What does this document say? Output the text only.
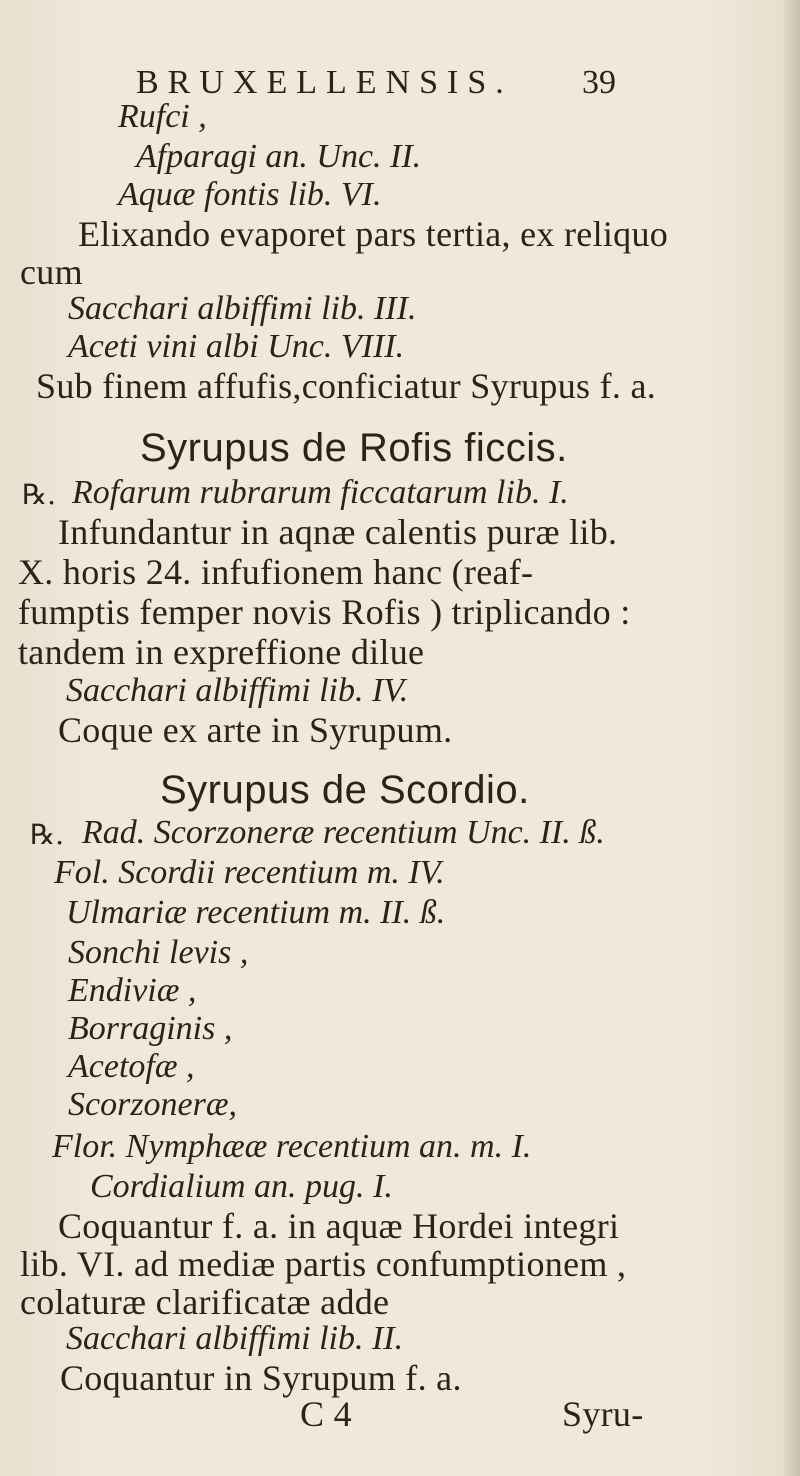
BRUXELLENSIS. 39
Rufci ,
Afparagi an. Unc. II.
Aquæ fontis lib. VI.
Elixando evaporet pars tertia, ex reliquo
cum
Sacchari albiffimi lib. III.
Aceti vini albi Unc. VIII.
Sub finem affufis,conficiatur Syrupus f. a.
Syrupus de Rofis ficcis.
℞. Rofarum rubrarum ficcatarum lib. I.
Infundantur in aqnæ calentis puræ lib.
X. horis 24. infufionem hanc (reaf-
fumptis femper novis Rofis ) triplicando :
tandem in expreffione dilue
Sacchari albiffimi lib. IV.
Coque ex arte in Syrupum.
Syrupus de Scordio.
℞. Rad. Scorzoneræ recentium Unc. II. ß.
Fol. Scordii recentium m. IV.
Ulmariæ recentium m. II. ß.
Sonchi levis ,
Endiviæ ,
Borraginis ,
Acetofæ ,
Scorzoneræ,
Flor. Nymphææ recentium an. m. I.
Cordialium an. pug. I.
Coquantur f. a. in aquæ Hordei integri
lib. VI. ad mediæ partis confumptionem ,
colaturæ clarificatæ adde
Sacchari albiffimi lib. II.
Coquantur in Syrupum f. a.
C 4	Syru-
